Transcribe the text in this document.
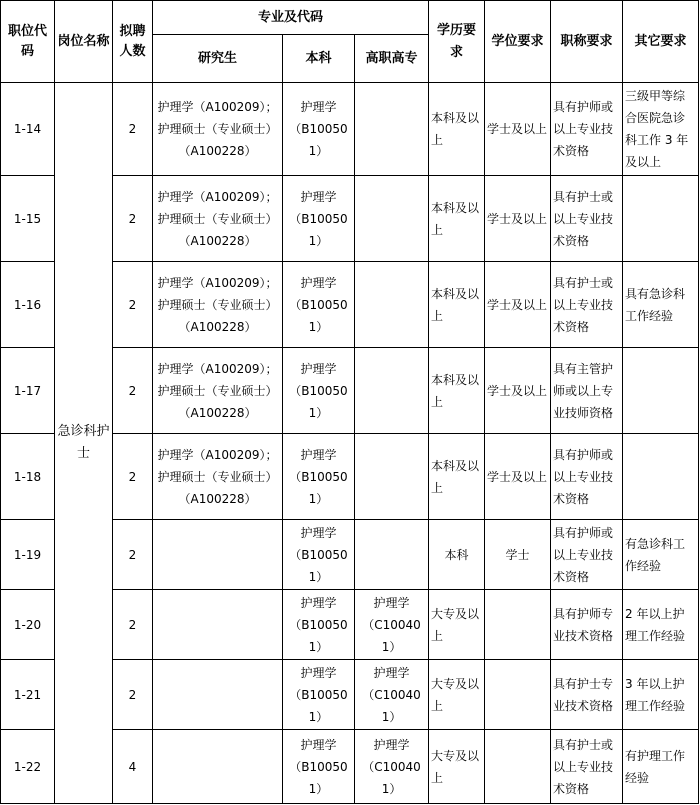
职位代码	岗位名称	拟聘人数	专业及代码			学历要求	学位要求	职称要求	其它要求
			研究生	本科	高职高专				
1-14	急诊科护士	2	护理学（A100209）；
护理硕士（专业硕士）
（A100228）	护理学
（B100501）		本科及以上	学士及以上	具有护师或以上专业技术资格	三级甲等综合医院急诊科工作 3 年及以上
1-15		2	护理学（A100209）；
护理硕士（专业硕士）
（A100228）	护理学
（B100501）		本科及以上	学士及以上	具有护士或以上专业技术资格	
1-16		2	护理学（A100209）；
护理硕士（专业硕士）
（A100228）	护理学
（B100501）		本科及以上	学士及以上	具有护士或以上专业技术资格	具有急诊科工作经验
1-17		2	护理学（A100209）；
护理硕士（专业硕士）
（A100228）	护理学
（B100501）		本科及以上	学士及以上	具有主管护师或以上专业技师资格	
1-18		2	护理学（A100209）；
护理硕士（专业硕士）
（A100228）	护理学
（B100501）		本科及以上	学士及以上	具有护师或以上专业技术资格	
1-19		2		护理学
（B100501）		本科	学士	具有护师或以上专业技术资格	有急诊科工作经验
1-20		2		护理学
（B100501）	护理学
（C100401）	大专及以上		具有护师专业技术资格	2 年以上护理工作经验
1-21		2		护理学
（B100501）	护理学
（C100401）	大专及以上		具有护士专业技术资格	3 年以上护理工作经验
1-22		4		护理学
（B100501）	护理学
（C100401）	大专及以上		具有护士或以上专业技术资格	有护理工作经验
